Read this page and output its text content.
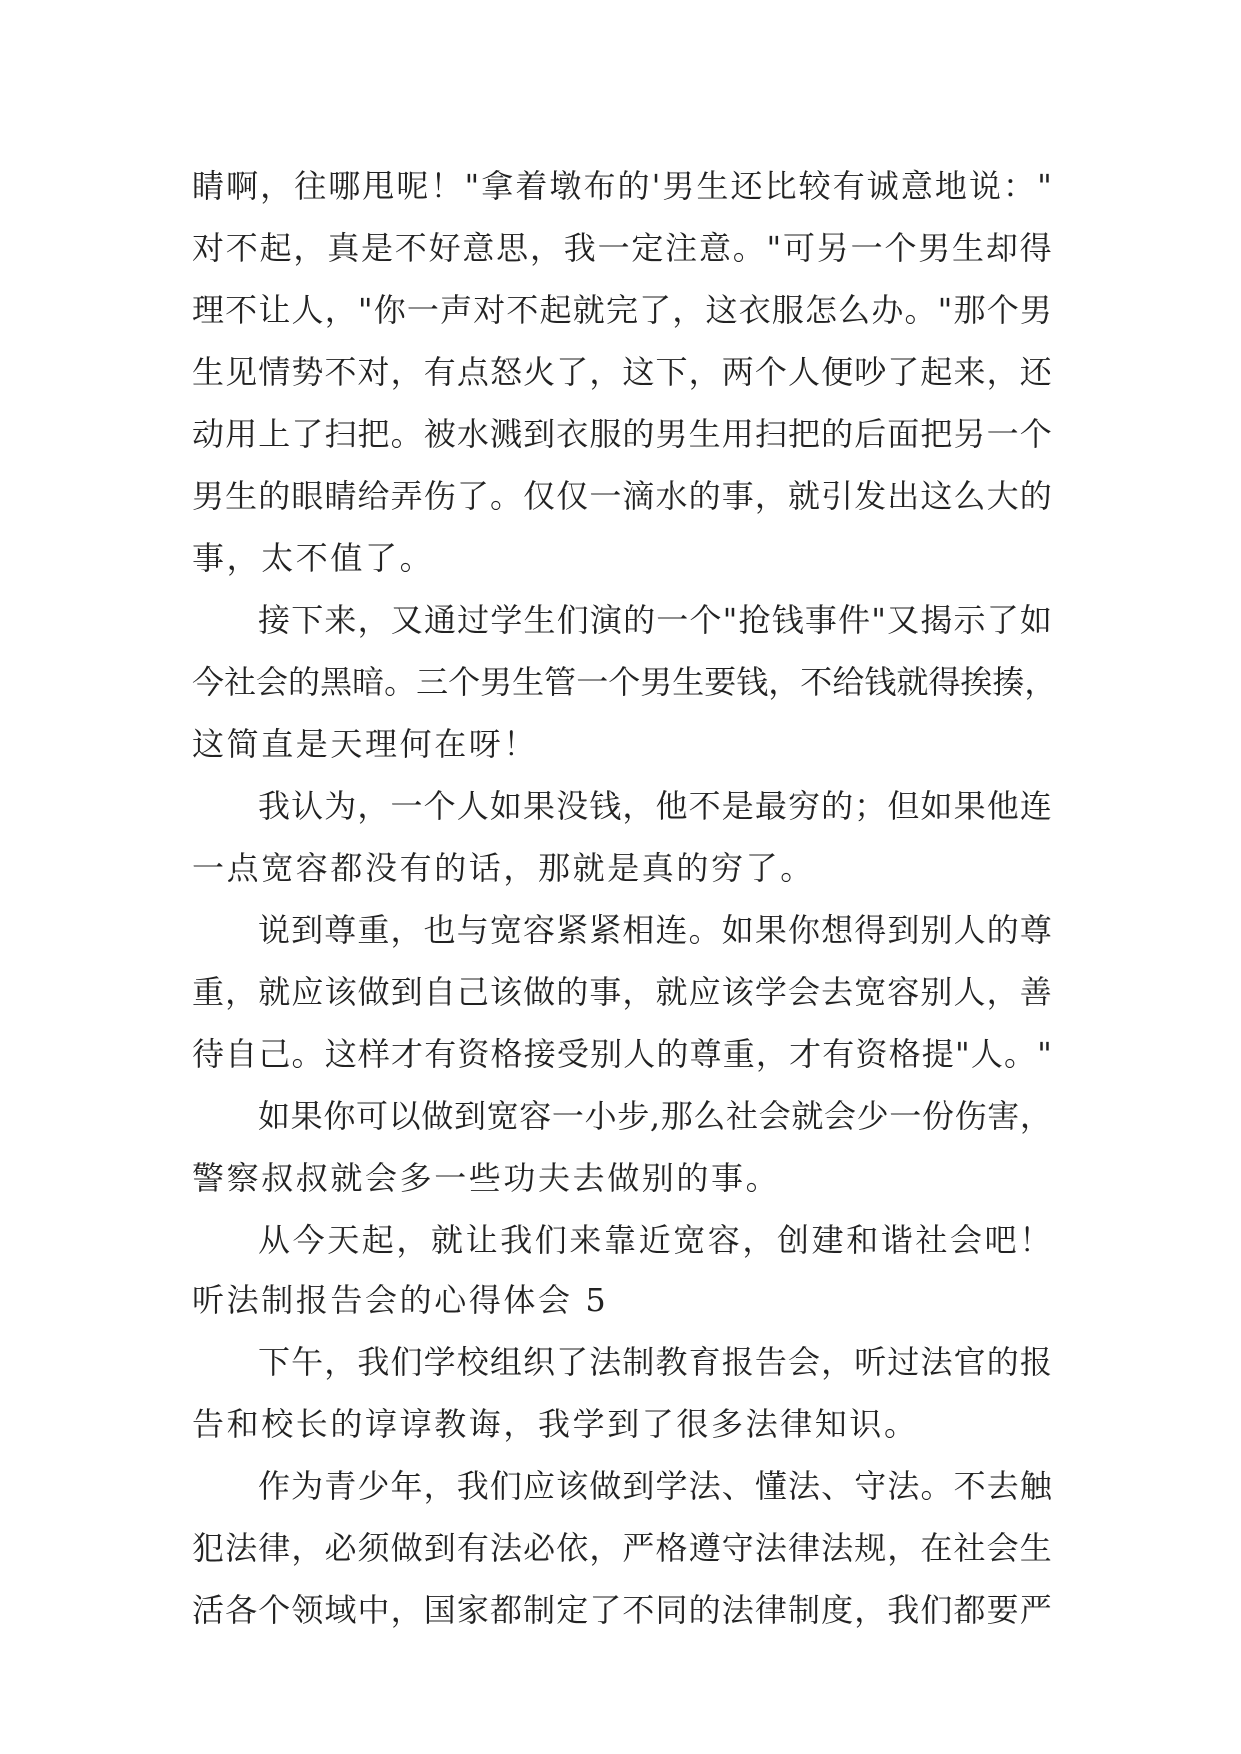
睛 啊 ， 往 哪 甩 呢 ！ " 拿 着 墩 布 的 ' 男 生 还 比 较 有 诚 意 地 说 ： "
对 不 起 ， 真 是 不 好 意 思 ， 我 一 定 注 意 。 " 可 另 一 个 男 生 却 得
理 不 让 人 ， " 你 一 声 对 不 起 就 完 了 ， 这 衣 服 怎 么 办 。 " 那 个 男
生 见 情 势 不 对 ， 有 点 怒 火 了 ， 这 下 ， 两 个 人 便 吵 了 起 来 ， 还
动 用 上 了 扫 把 。 被 水 溅 到 衣 服 的 男 生 用 扫 把 的 后 面 把 另 一 个
男 生 的 眼 睛 给 弄 伤 了 。 仅 仅 一 滴 水 的 事 ， 就 引 发 出 这 么 大 的
事，太不值了。
接 下 来 ， 又 通 过 学 生 们 演 的 一 个 " 抢 钱 事 件 " 又 揭 示 了 如
今 社 会 的 黑 暗 。 三 个 男 生 管 一 个 男 生 要 钱 ， 不 给 钱 就 得 挨 揍 ，
这简直是天理何在呀！
我 认 为 ， 一 个 人 如 果 没 钱 ， 他 不 是 最 穷 的 ； 但 如 果 他 连
一点宽容都没有的话，那就是真的穷了。
说 到 尊 重 ， 也 与 宽 容 紧 紧 相 连 。 如 果 你 想 得 到 别 人 的 尊
重 ， 就 应 该 做 到 自 己 该 做 的 事 ， 就 应 该 学 会 去 宽 容 别 人 ， 善
待 自 己 。 这 样 才 有 资 格 接 受 别 人 的 尊 重 ， 才 有 资 格 提 " 人 。 "
如 果 你 可 以 做 到 宽 容 一 小 步 , 那 么 社 会 就 会 少 一 份 伤 害 ，
警察叔叔就会多一些功夫去做别的事。
从今天起，就让我们来靠近宽容，创建和谐社会吧！
听法制报告会的心得体会 5
下 午 ， 我 们 学 校 组 织 了 法 制 教 育 报 告 会 ， 听 过 法 官 的 报
告和校长的谆谆教诲，我学到了很多法律知识。
作 为 青 少 年 ， 我 们 应 该 做 到 学 法 、 懂 法 、 守 法 。 不 去 触
犯 法 律 ， 必 须 做 到 有 法 必 依 ， 严 格 遵 守 法 律 法 规 ， 在 社 会 生
活 各 个 领 域 中 ， 国 家 都 制 定 了 不 同 的 法 律 制 度 ， 我 们 都 要 严
